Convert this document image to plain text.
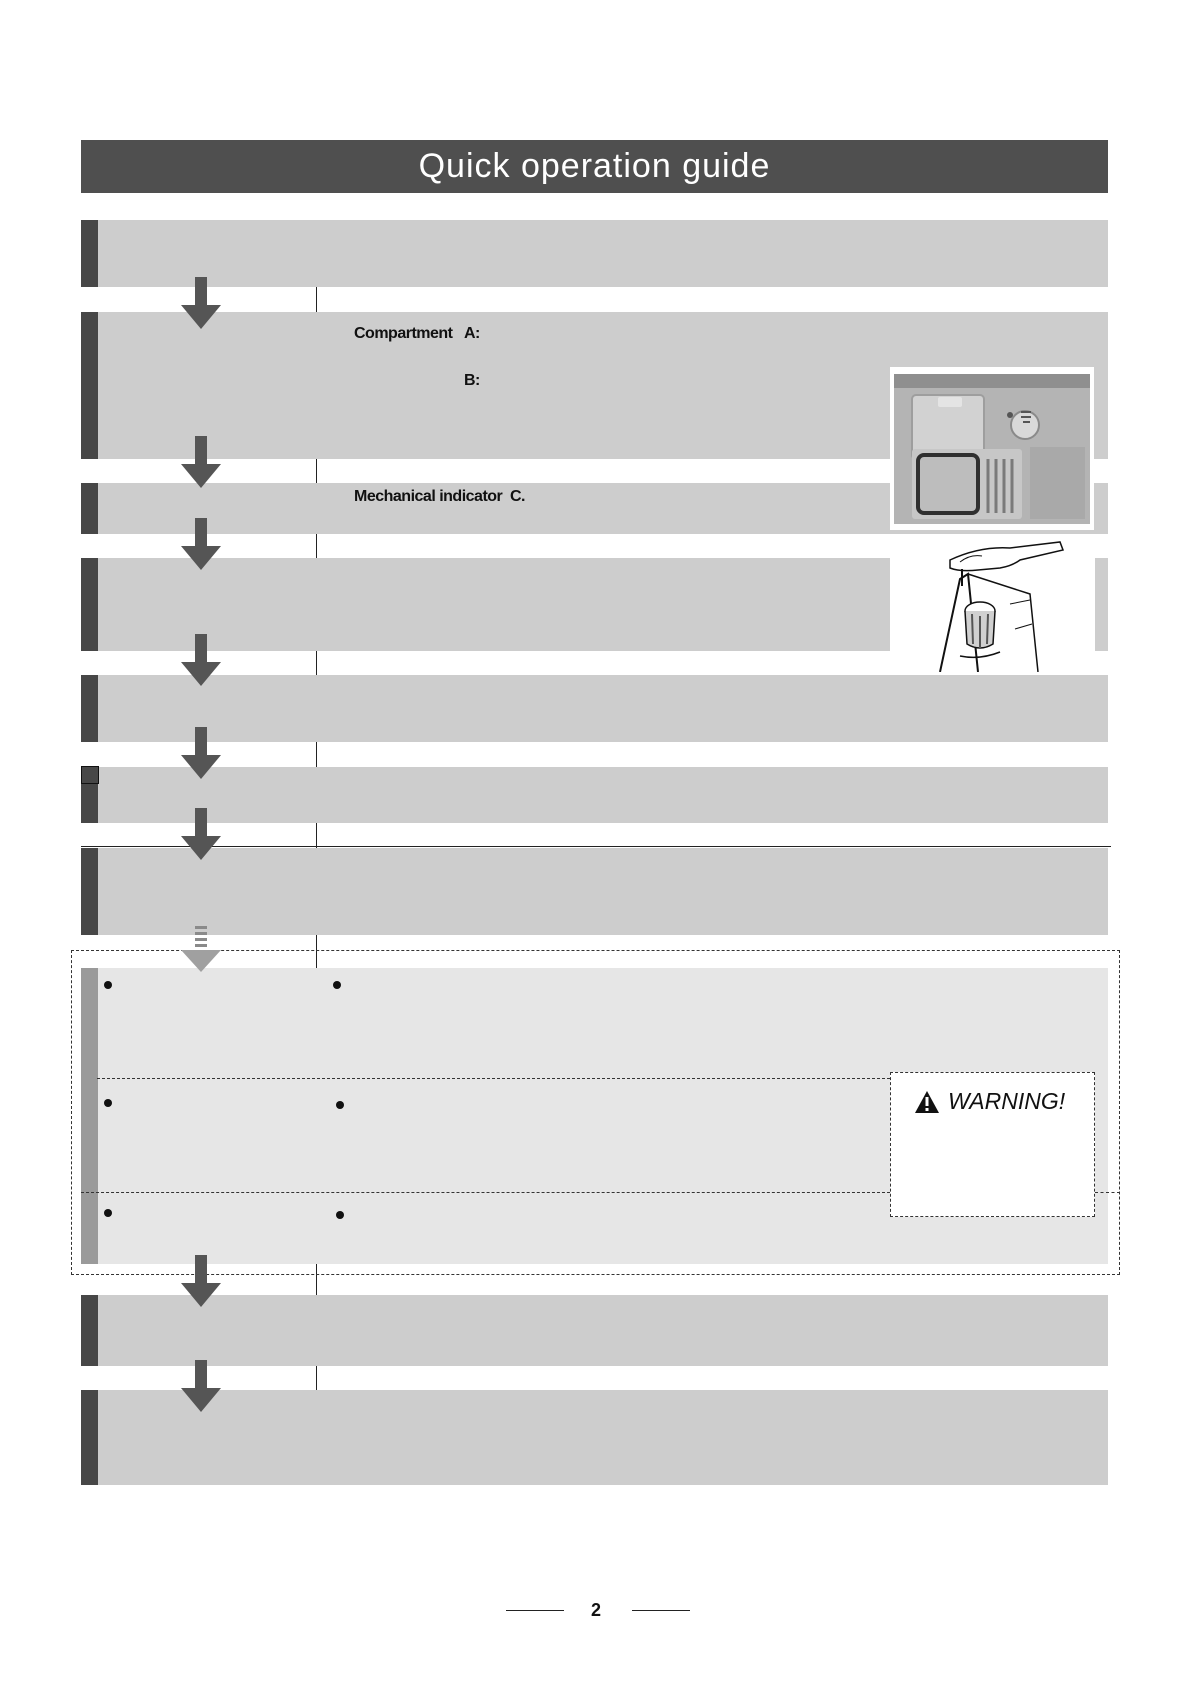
Quick operation guide
Compartment A:
B:
Mechanical indicator C.
WARNING!
2
